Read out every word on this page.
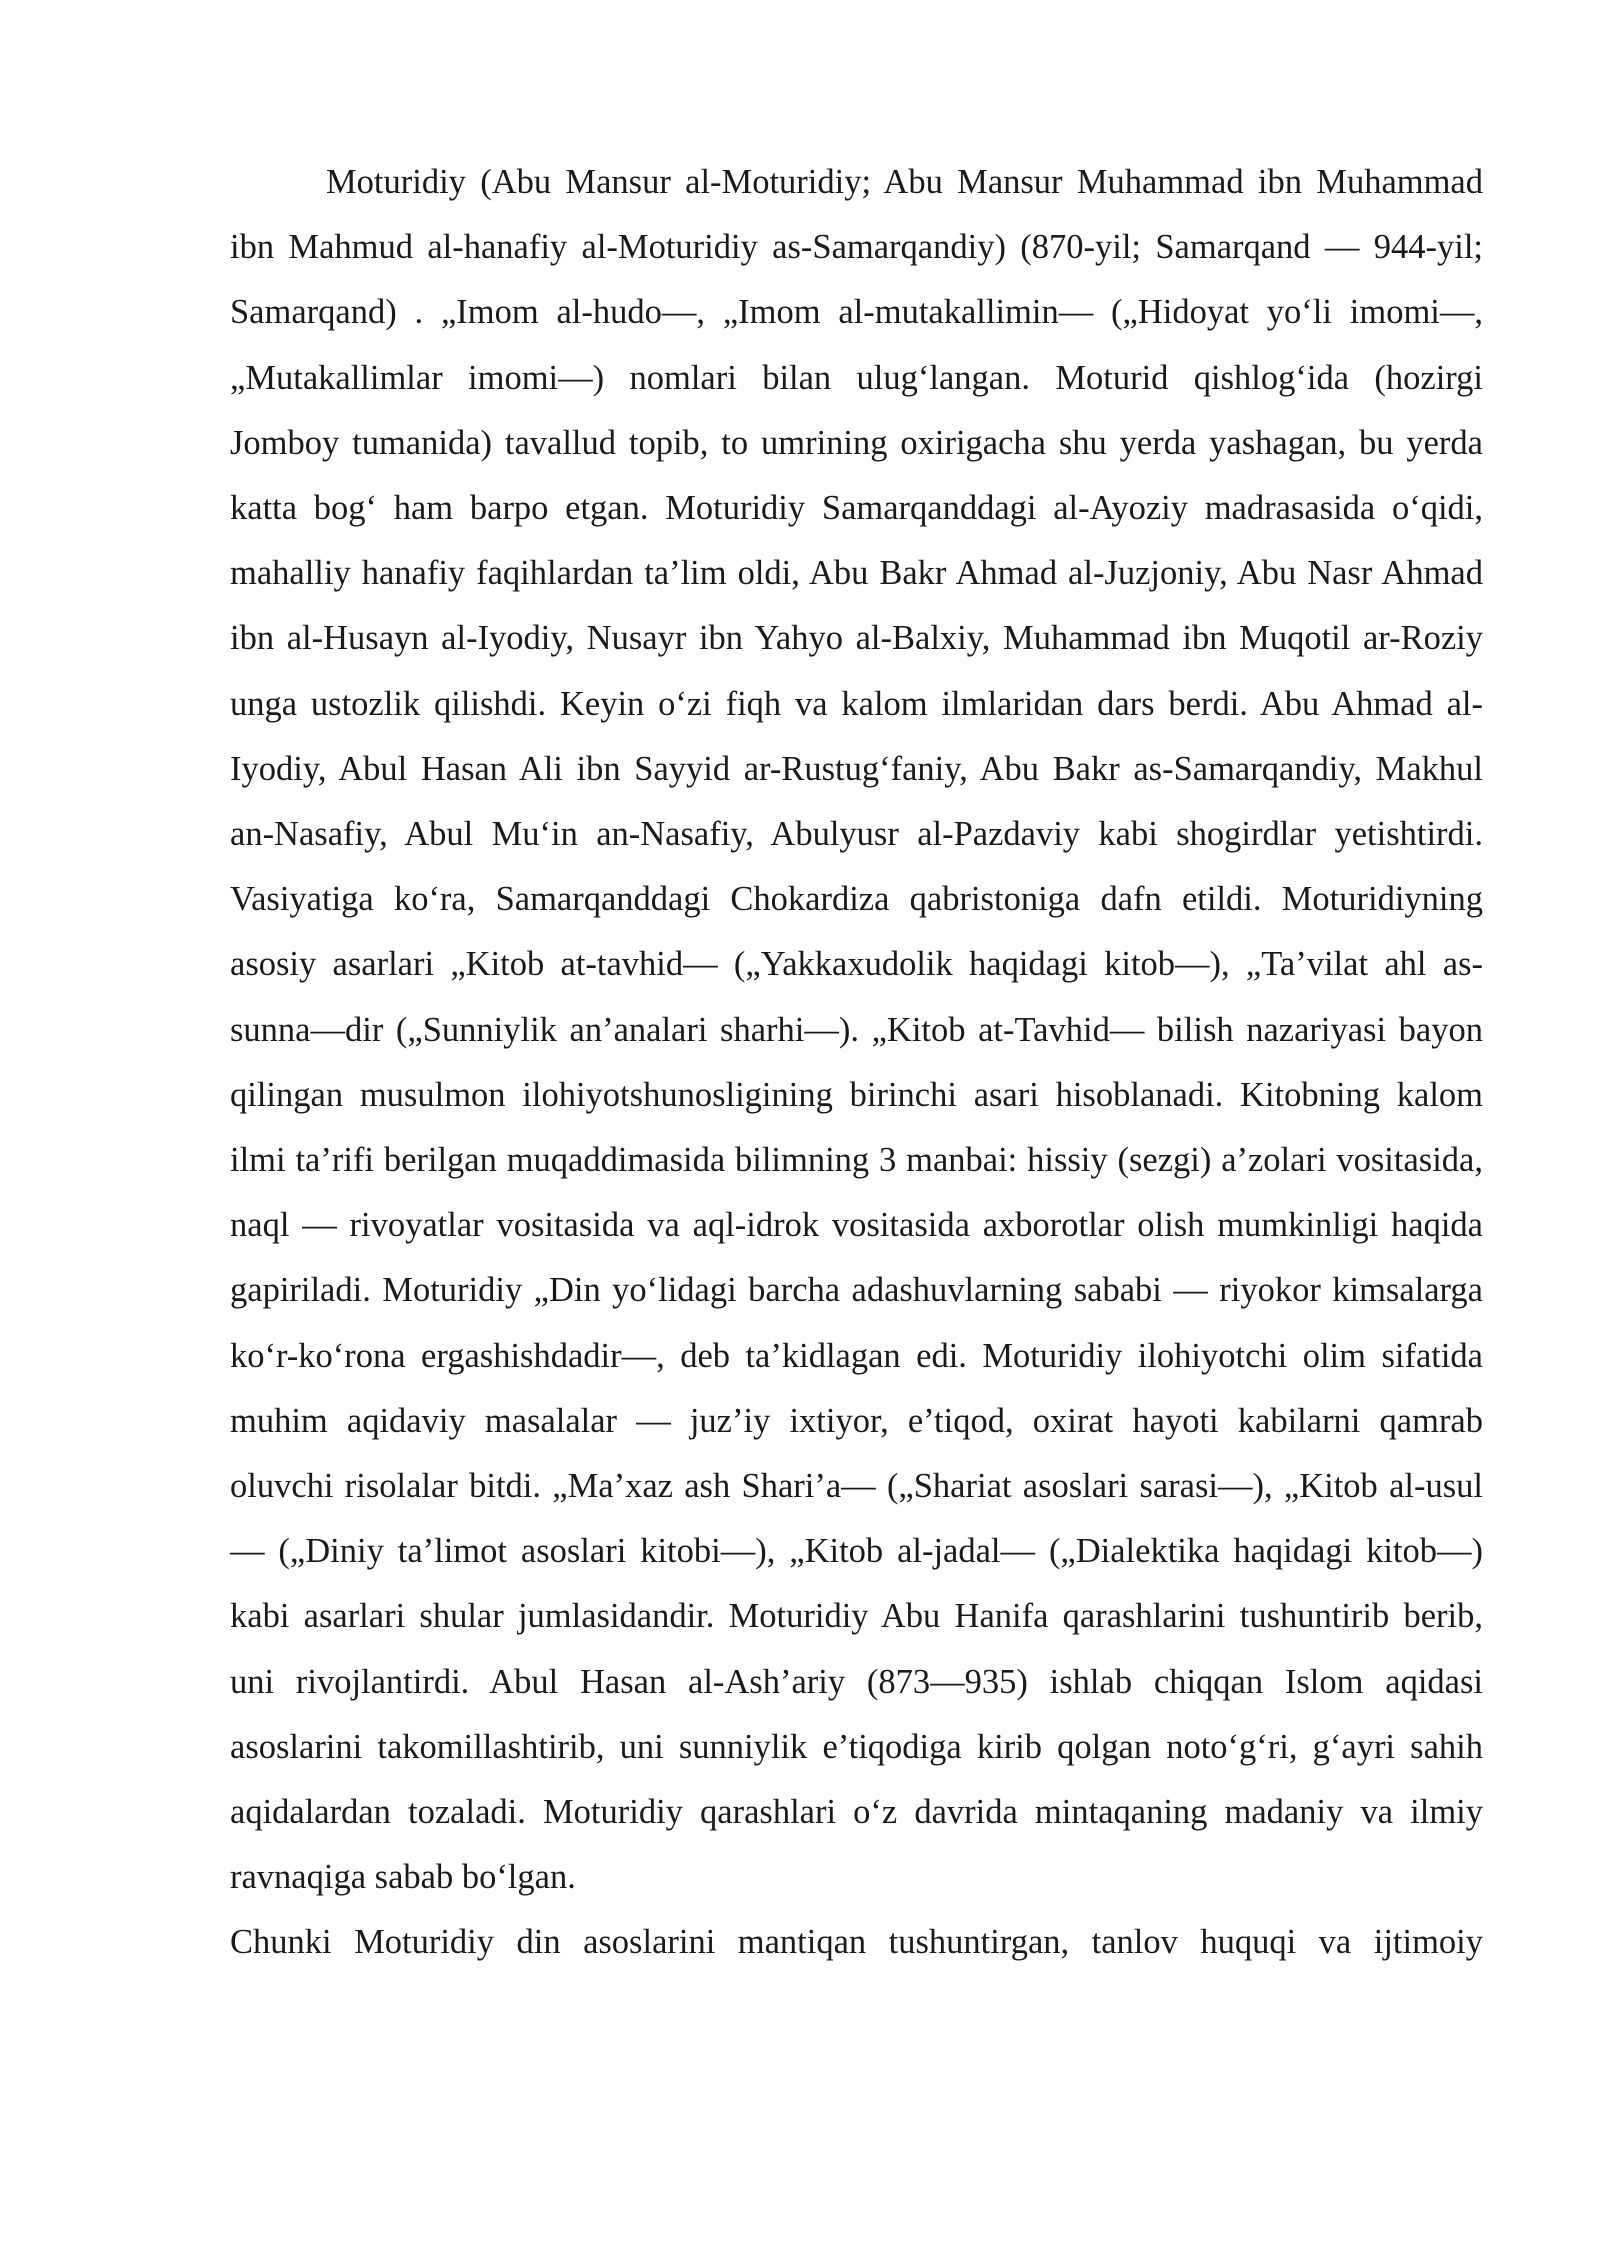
Moturidiy (Abu Mansur al-Moturidiy; Abu Mansur Muhammad ibn Muhammad ibn Mahmud al-hanafiy al-Moturidiy as-Samarqandiy) (870-yil; Samarqand — 944-yil; Samarqand) . „Imom al-hudo—, „Imom al-mutakallimin— („Hidoyat yo‘li imomi—, „Mutakallimlar imomi—) nomlari bilan ulug‘langan. Moturid qishlog‘ida (hozirgi Jomboy tumanida) tavallud topib, to umrining oxirigacha shu yerda yashagan, bu yerda katta bog‘ ham barpo etgan. Moturidiy Samarqanddagi al-Ayoziy madrasasida o‘qidi, mahalliy hanafiy faqihlardan ta’lim oldi, Abu Bakr Ahmad al-Juzjoniy, Abu Nasr Ahmad ibn al-Husayn al-Iyodiy, Nusayr ibn Yahyo al-Balxiy, Muhammad ibn Muqotil ar-Roziy unga ustozlik qilishdi. Keyin o‘zi fiqh va kalom ilmlaridan dars berdi. Abu Ahmad al-Iyodiy, Abul Hasan Ali ibn Sayyid ar-Rustug‘faniy, Abu Bakr as-Samarqandiy, Makhul an-Nasafiy, Abul Mu‘in an-Nasafiy, Abulyusr al-Pazdaviy kabi shogirdlar yetishtirdi. Vasiyatiga ko‘ra, Samarqanddagi Chokardiza qabristoniga dafn etildi. Moturidiyning asosiy asarlari „Kitob at-tavhid— („Yakkaxudolik haqidagi kitob—), „Ta’vilat ahl as-sunna—dir („Sunniylik an’analari sharhi—). „Kitob at-Tavhid— bilish nazariyasi bayon qilingan musulmon ilohiyotshunosligining birinchi asari hisoblanadi. Kitobning kalom ilmi ta’rifi berilgan muqaddimasida bilimning 3 manbai: hissiy (sezgi) a’zolari vositasida, naql — rivoyatlar vositasida va aql-idrok vositasida axborotlar olish mumkinligi haqida gapiriladi. Moturidiy „Din yo‘lidagi barcha adashuvlarning sababi — riyokor kimsalarga ko‘r-ko‘rona ergashishdadir—, deb ta’kidlagan edi. Moturidiy ilohiyotchi olim sifatida muhim aqidaviy masalalar — juz’iy ixtiyor, e’tiqod, oxirat hayoti kabilarni qamrab oluvchi risolalar bitdi. „Ma’xaz ash Shari’a— („Shariat asoslari sarasi—), „Kitob al-usul— („Diniy ta’limot asoslari kitobi—), „Kitob al-jadal— („Dialektika haqidagi kitob—) kabi asarlari shular jumlasidandir. Moturidiy Abu Hanifa qarashlarini tushuntirib berib, uni rivojlantirdi. Abul Hasan al-Ash’ariy (873—935) ishlab chiqqan Islom aqidasi asoslarini takomillashtirib, uni sunniylik e’tiqodiga kirib qolgan noto‘g‘ri, g‘ayri sahih aqidalardan tozaladi. Moturidiy qarashlari o‘z davrida mintaqaning madaniy va ilmiy ravnaqiga sabab bo‘lgan.

Chunki Moturidiy din asoslarini mantiqan tushuntirgan, tanlov huquqi va ijtimoiy
